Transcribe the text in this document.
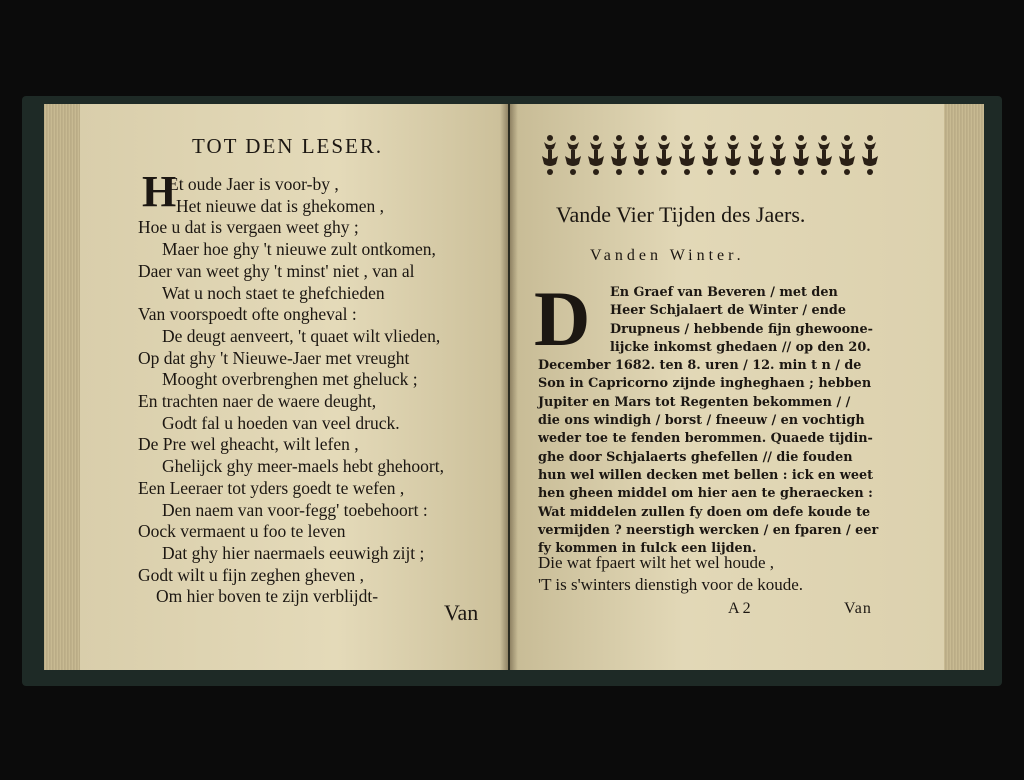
TOT DEN LESER.
H
Et oude Jaer is voor-by ,
Het nieuwe dat is ghekomen ,
Hoe u dat is vergaen weet ghy ;
Maer hoe ghy 't nieuwe zult ontkomen,
Daer van weet ghy 't minst' niet , van al
Wat u noch staet te ghefchieden
Van voorspoedt ofte ongheval :
De deugt aenveert, 't quaet wilt vlieden,
Op dat ghy 't Nieuwe-Jaer met vreught
Mooght overbrenghen met gheluck ;
En trachten naer de waere deught,
Godt fal u hoeden van veel druck.
De Pre wel gheacht, wilt lefen ,
Ghelijck ghy meer-maels hebt ghehoort,
Een Leeraer tot yders goedt te wefen ,
Den naem van voor-fegg' toebehoort :
Oock vermaent u foo te leven
Dat ghy hier naermaels eeuwigh zijt ;
Godt wilt u fijn zeghen gheven ,
Om hier boven te zijn verblijdt-
Van
Vande Vier Tijden des Jaers.
Vanden Winter.
D	En Graef van Beveren / met den
Heer Schjalaert de Winter / ende
Drupneus / hebbende fijn ghewoone-
lijcke inkomst ghedaen // op den 20.
December 1682. ten 8. uren / 12. min t n / de
Son in Capricorno zijnde ingheghaen ; hebben
Jupiter en Mars tot Regenten bekommen / /
die ons windigh / borst / fneeuw / en vochtigh
weder toe te fenden berommen. Quaede tijdin-
ghe door Schjalaerts ghefellen // die fouden
hun wel willen decken met bellen : ick en weet
hen gheen middel om hier aen te gheraecken :
Wat middelen zullen fy doen om defe koude te
vermijden ? neerstigh wercken / en fparen / eer
fy kommen in fulck een lijden.
Die wat fpaert wilt het wel houde ,
'T is s'winters dienstigh voor de koude.
A 2	Van
